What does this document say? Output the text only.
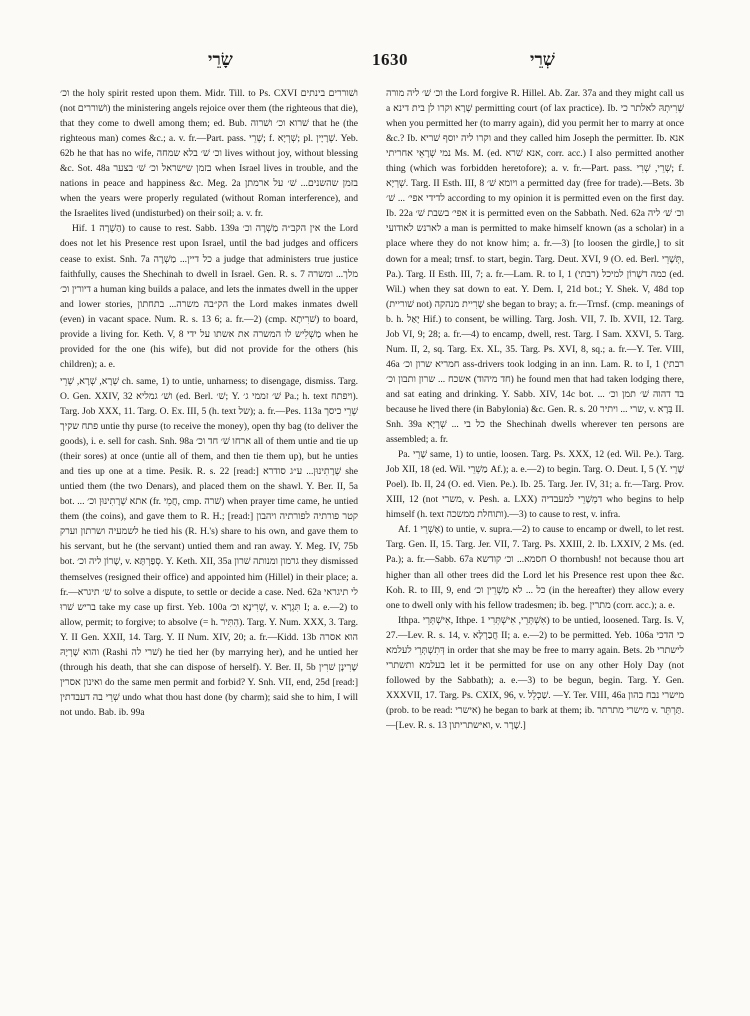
שָׂרֵי	1630	שְׁרֵי

וכ׳ the holy spirit rested upon them. Midr. Till. to Ps. CXVI ושׁוררים בינתים (not ושׁוררים) the ministering angels rejoice over them (the righteous that die), that they come to dwell among them; ed. Bub. שׁרוא וכ׳ ושׁרוה that he (the righteous man) comes &c.; a. v. fr.—Part. pass. שְׁרֵי; f. שְׁרְיָא; pl. שְׁרָיָין. Yeb. 62b he that has no wife, וכ׳ שׁ׳ בלא שמחה lives without joy, without blessing &c. Sot. 48a בזמן שישראל וכ׳ שׁ׳ בצער when Israel lives in trouble, and the nations in peace and happiness &c. Meg. 2a בזמן שהשנים... שׁ׳ על ארמתן when the years were properly regulated (without Roman interference), and the Israelites lived (undisturbed) on their soil; a. v. fr.

Hif. הַשְׁרָה 1) to cause to rest. Sabb. 139a אין הקב״ה מַשְׁרֶה וכ׳ the Lord does not let his Presence rest upon Israel, until the bad judges and officers cease to exist. Snh. 7a כל דיין... מַשְׁרֶה a judge that administers true justice faithfully, causes the Shechinah to dwell in Israel. Gen. R. s. 7 מלך... ומשרה דיורין וכ׳ a human king builds a palace, and lets the inmates dwell in the upper and lower stories, הק״בה משרה... בתחתון the Lord makes inmates dwell (even) in vacant space. Num. R. s. 13 6; a. fr.—2) (cmp. שׁרִיתָא) to board, provide a living for. Keth. V, 8 מַשְׁלִיש לו המשרה את אשתו על ידי when he provided for the one (his wife), but did not provide for the others (his children); a. e.

שְׁרָא, שְׁרָא, שְׁרֵי ch. same, 1) to untie, unharness; to disengage, dismiss. Targ. O. Gen. XXIV, 32 ושׁ׳ גמליא (ed. Berl. שׁ׳; Y. שׁ׳ זממי ג׳ Pa.; h. text ויפתח). Targ. Job XXX, 11. Targ. O. Ex. III, 5 (h. text של); a. fr.—Pes. 113a שְׁרֵי כיסך פתח שקיך untie thy purse (to receive the money), open thy bag (to deliver the goods), i. e. sell for cash. Snh. 98a ארחו שׁ׳ חד וכ׳ all of them untie and tie up (their sores) at once (untie all of them, and then tie them up), but he unties and ties up one at a time. Pesik. R. s. 22 [read:] שְׁרָתִינוּן... ע״ג סודרא she untied them (the two Denars), and placed them on the shawl. Y. Ber. II, 5a bot. ... אתא שְׁרָתִינוּן וכ׳ (fr. חֲמֵי, cmp. שׁרה) when prayer time came, he untied them (the coins), and gave them to R. H.; [read:] קטר פורתיה לפורתיה ויהבון לשמעיה ושרתון וערק he tied his (R. H.'s) share to his own, and gave them to his servant, but he (the servant) untied them and ran away. Y. Meg. IV, 75b bot. שָׁרוֹן ליה וכ׳, v. סְפַרְתָּא. Y. Keth. XII, 35a גרמון ומנותה שׁרון they dismissed themselves (resigned their office) and appointed him (Hillel) in their place; a. fr.—שׁ׳ תיגרא to solve a dispute, to settle or decide a case. Ned. 62a לי תיגראי בריש שׁרוּ take my case up first. Yeb. 100a שְׁרִינָא וכ׳, v. תִּגְרָא I; a. e.—2) to allow, permit; to forgive; to absolve (= h. הִתִּיר). Targ. Y. Num. XXX, 3. Targ. Y. II Gen. XXII, 14. Targ. Y. II Num. XIV, 20; a. fr.—Kidd. 13b הוא אסרה והוא שָׁרְיָהּ (Rashi שׁרי לה) he tied her (by marrying her), and he untied her (through his death, that she can dispose of herself). Y. Ber. II, 5b שָׁרִינָן שׁרִין ואינון אסרין do the same men permit and forbid? Y. Snh. VII, end, 25d [read:] שְׁרֵי בה דעבדתין undo what thou hast done (by charm); said she to him, I will not undo. Bab. ib. 99a

וכ׳ שׁ׳ ליה מורה the Lord forgive R. Hillel. Ab. Zar. 37a and they might call us a שְׁרָא וקרו לן בית דינא permitting court (of lax practice). Ib. שְׁרִיתְהּ לאלתר כי when you permitted her (to marry again), did you permit her to marry at once &c.? Ib. וקרו ליה יוסף שׁריא and they called him Joseph the permitter. Ib. אנא נמי שְׁרָאֵי אחריתי Ms. M. (ed. אנא שׁרא, corr. acc.) I also permitted another thing (which was forbidden heretofore); a. v. fr.—Part. pass. שְׁרֵי, שְׁרִי; f. שְׁרְיָא. Targ. II Esth. III, 8 ויומא שׁ׳ a permitted day (free for trade).—Bets. 3b לדידי אפי׳ ... שׁ׳ according to my opinion it is permitted even on the first day. Ib. 22a אפי׳ בשבת שׁ׳ it is permitted even on the Sabbath. Ned. 62a וכ׳ שׁ׳ ליה לארנש לאודועי a man is permitted to make himself known (as a scholar) in a place where they do not know him; a. fr.—3) [to loosen the girdle,] to sit down for a meal; trnsf. to start, begin. Targ. Deut. XVI, 9 (O. ed. Berl. תְּשָׁרֵי, Pa.). Targ. II Esth. III, 7; a. fr.—Lam. R. to I, 1 כמה דשָׁרוֹן למיכל (רבתי) (ed. Wil.) when they sat down to eat. Y. Dem. I, 21d bot.; Y. Shek. V, 48d top (שׁוריית not) שָׁרִיית מנהקה she began to bray; a. fr.—Trnsf. (cmp. meanings of b. h. יָאַל Hif.) to consent, be willing. Targ. Josh. VII, 7. Ib. XVII, 12. Targ. Job VI, 9; 28; a. fr.—4) to encamp, dwell, rest. Targ. I Sam. XXVI, 5. Targ. Num. II, 2, sq. Targ. Ex. XL, 35. Targ. Ps. XVI, 8, sq.; a. fr.—Y. Ter. VIII, 46a חמריא שרון וכ׳ ass-drivers took lodging in an inn. Lam. R. to I, 1 (רבתי (חד מיהוד) אשכח ... שרון ותבון וכ׳ he found men that had taken lodging there, and sat eating and drinking. Y. Sabb. XIV, 14c bot. ... בד דהוה שׁ׳ תמן וכ׳ because he lived there (in Babylonia) &c. Gen. R. s. 20 שרי ... ויתיר, v. בְּרָא II. Snh. 39a כל בי ... שְׁרְיָא the Shechinah dwells wherever ten persons are assembled; a. fr.

Pa. שָׁרֵי same, 1) to untie, loosen. Targ. Ps. XXX, 12 (ed. Wil. Pe.). Targ. Job XII, 18 (ed. Wil. מַשְׁרֵי Af.); a. e.—2) to begin. Targ. O. Deut. I, 5 (Y. שָׁרֵי Poel). Ib. II, 24 (O. ed. Vien. Pe.). Ib. 25. Targ. Jer. IV, 31; a. fr.—Targ. Prov. XIII, 12 (not משרי, v. Pesh. a. LXX) דמְשָׁרֵי למעבדיה who begins to help himself (h. text ותוחלת ממשכה).—3) to cause to rest, v. infra.

Af. אַשְׁרֵי 1) to untie, v. supra.—2) to cause to encamp or dwell, to let rest. Targ. Gen. II, 15. Targ. Jer. VII, 7. Targ. Ps. XXIII, 2. Ib. LXXIV, 2 Ms. (ed. Pa.); a. fr.—Sabb. 67a חסמא... וכ׳ קודשא O thornbush! not because thou art higher than all other trees did the Lord let his Presence rest upon thee &c. Koh. R. to III, 9, end כל ... לא מַשְׁרֵין וכ׳ (in the hereafter) they allow every one to dwell only with his fellow tradesmen; ib. beg. מתרין (corr. acc.); a. e.

Ithpa. אִישְׁתְּרֵי, Ithpe. אִשְׁתְּרֵי, אִישְׁתְּרִי 1) to be untied, loosened. Targ. Is. V, 27.—Lev. R. s. 14, v. חֲבַרְלָא II; a. e.—2) to be permitted. Yeb. 106a כי הדכי דְּתִשְׁתְּרֵי לעלמא in order that she may be free to marry again. Bets. 2b לישתרי בעלמא ותשתרי let it be permitted for use on any other Holy Day (not followed by the Sabbath); a. e.—3) to be begun, begin. Targ. Y. Gen. XXXVII, 17. Targ. Ps. CXIX, 96, v. שַׁכְלֵל. —Y. Ter. VIII, 46a מישרי נבח בהון (prob. to be read: אישרי) he began to bark at them; ib. מישרי מתרתר v. תַּרְתֵּר.—[Lev. R. s. 13 ואישתריתון, v. שָׁרָר.]
